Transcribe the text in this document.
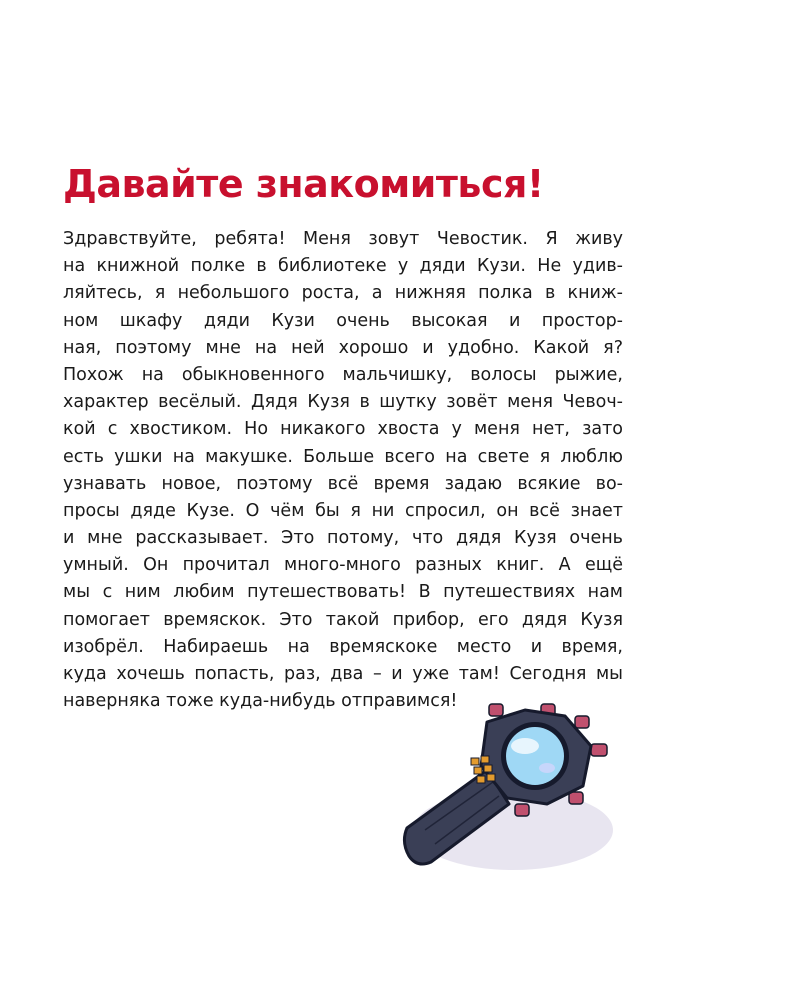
Давайте знакомиться!
Здравствуйте, ребята! Меня зовут Чевостик. Я живу
на книжной полке в библиотеке у дяди Кузи. Не удив-
ляйтесь, я небольшого роста, а нижняя полка в книж-
ном шкафу дяди Кузи очень высокая и простор-
ная, поэтому мне на ней хорошо и удобно. Какой я?
Похож на обыкновенного мальчишку, волосы рыжие,
характер весёлый. Дядя Кузя в шутку зовёт меня Чевоч-
кой с хвостиком. Но никакого хвоста у меня нет, зато
есть ушки на макушке. Больше всего на свете я люблю
узнавать новое, поэтому всё время задаю всякие во-
просы дяде Кузе. О чём бы я ни спросил, он всё знает
и мне рассказывает. Это потому, что дядя Кузя очень
умный. Он прочитал много-много разных книг. А ещё
мы с ним любим путешествовать! В путешествиях нам
помогает времяскок. Это такой прибор, его дядя Кузя
изобрёл. Набираешь на времяскоке место и время,
куда хочешь попасть, раз, два – и уже там! Сегодня мы
наверняка тоже куда-нибудь отправимся!
